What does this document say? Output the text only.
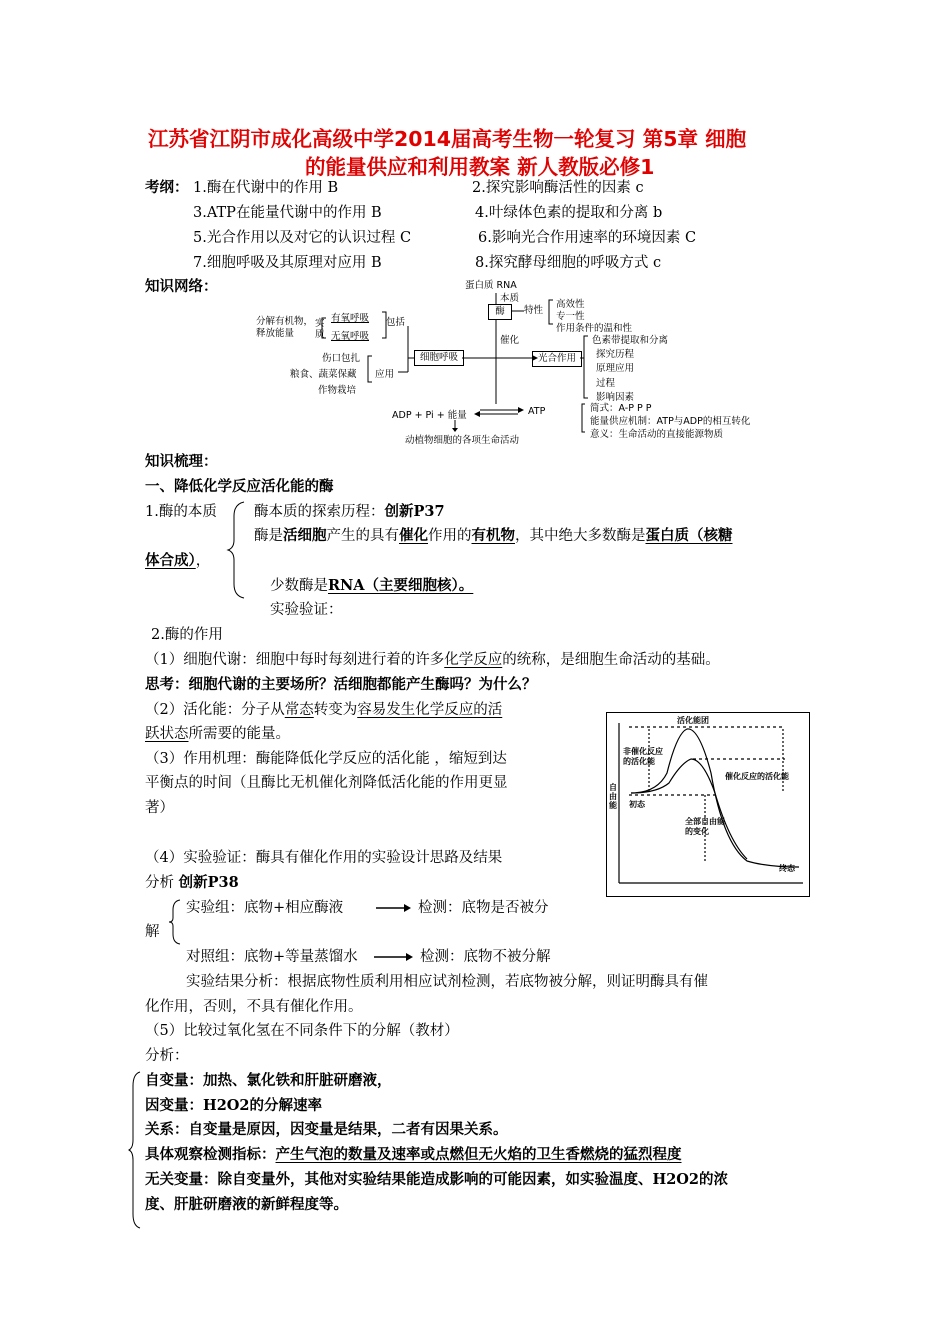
江苏省江阴市成化高级中学2014届高考生物一轮复习 第5章 细胞
的能量供应和利用教案 新人教版必修1
考纲： 1.酶在代谢中的作用 B	2.探究影响酶活性的因素 c
3.ATP在能量代谢中的作用 B	4.叶绿体色素的提取和分离 b
5.光合作用以及对它的认识过程 C	6.影响光合作用速率的环境因素 C
7.细胞呼吸及其原理对应用 B	8.探究酵母细胞的呼吸方式 c
知识网络：
分解有机物，
释放能量
实
质
有氧呼吸
无氧呼吸
包括
伤口包扎
粮食、蔬菜保藏
作物栽培
应用
细胞呼吸
蛋白质 RNA
本质
酶	特性
高效性
专一性
作用条件的温和性
催化
光合作用
色素带提取和分离
探究历程
原理应用
过程
影响因素
ADP + Pi + 能量	ATP	简式：A-P P P
能量供应机制：ATP与ADP的相互转化
意义：生命活动的直接能源物质
动植物细胞的各项生命活动
知识梳理：
一、降低化学反应活化能的酶
1.酶的本质	酶本质的探索历程：创新P37
酶是活细胞产生的具有催化作用的有机物，其中绝大多数酶是蛋白质（核糖
体合成），
少数酶是RNA（主要细胞核）。
实验验证：
2.酶的作用
（1）细胞代谢：细胞中每时每刻进行着的许多化学反应的统称，是细胞生命活动的基础。
思考：细胞代谢的主要场所？活细胞都能产生酶吗？为什么？
（2）活化能：分子从常态转变为容易发生化学反应的活
跃状态所需要的能量。
（3）作用机理：酶能降低化学反应的活化能 ，缩短到达
平衡点的时间（且酶比无机催化剂降低活化能的作用更显
著）
活化能团
非催化反应
的活化能
催化反应的活化能
自
由
能 初态
全部自由能
的变化
终态
（4）实验验证：酶具有催化作用的实验设计思路及结果
分析 创新P38
实验组：底物+相应酶液	检测：底物是否被分
解
对照组：底物+等量蒸馏水	检测：底物不被分解
实验结果分析：根据底物性质利用相应试剂检测，若底物被分解，则证明酶具有催
化作用，否则，不具有催化作用。
（5）比较过氧化氢在不同条件下的分解（教材）
分析：
自变量：加热、氯化铁和肝脏研磨液，
因变量：H2O2的分解速率
关系：自变量是原因，因变量是结果，二者有因果关系。
具体观察检测指标：产生气泡的数量及速率或点燃但无火焰的卫生香燃烧的猛烈程度
无关变量：除自变量外，其他对实验结果能造成影响的可能因素，如实验温度、H2O2的浓
度、肝脏研磨液的新鲜程度等。
